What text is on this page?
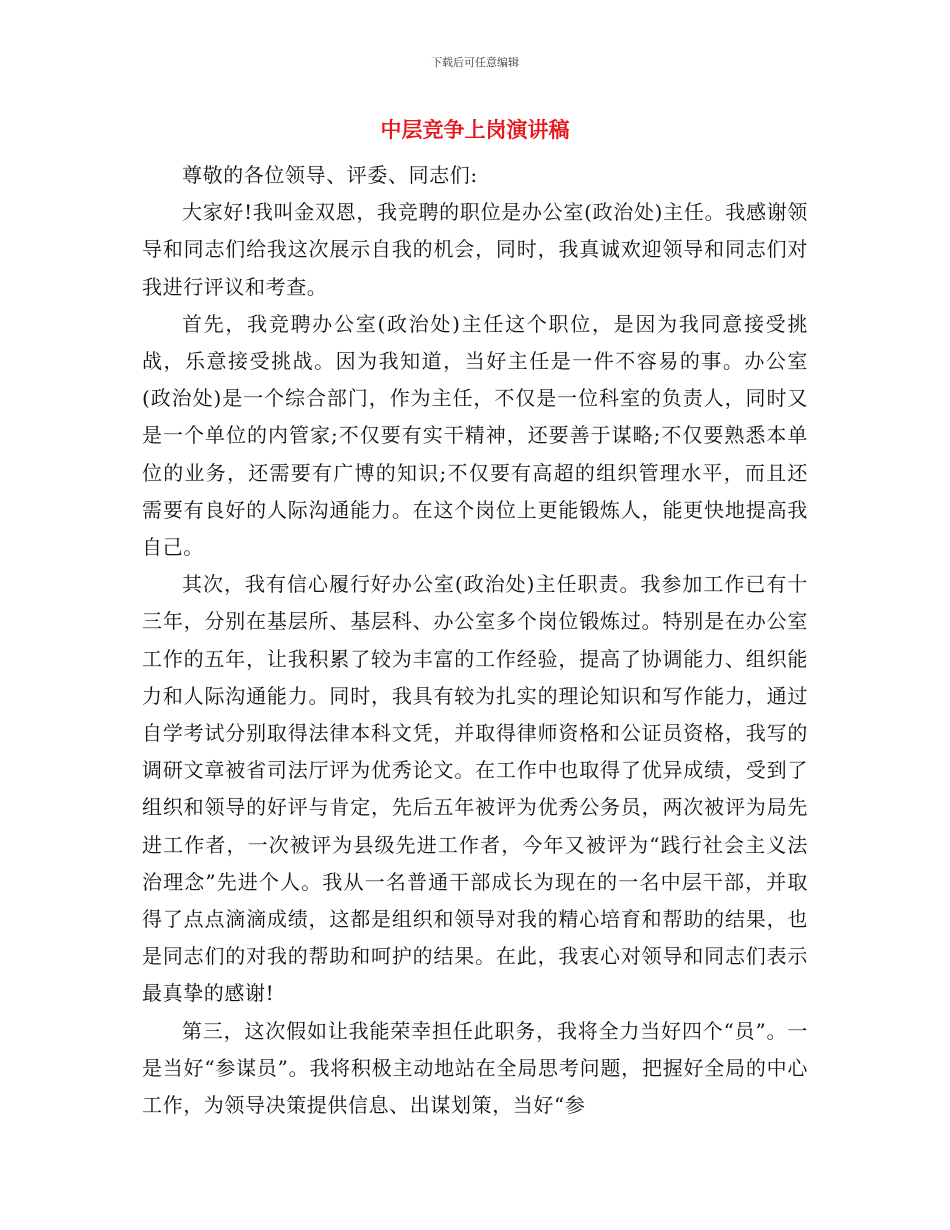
下载后可任意编辑
中层竞争上岗演讲稿

尊敬的各位领导、评委、同志们:

大家好!我叫金双恩，我竞聘的职位是办公室(政治处)主任。我感谢领导和同志们给我这次展示自我的机会，同时，我真诚欢迎领导和同志们对我进行评议和考查。

首先，我竞聘办公室(政治处)主任这个职位，是因为我同意接受挑战，乐意接受挑战。因为我知道，当好主任是一件不容易的事。办公室(政治处)是一个综合部门，作为主任，不仅是一位科室的负责人，同时又是一个单位的内管家;不仅要有实干精神，还要善于谋略;不仅要熟悉本单位的业务，还需要有广博的知识;不仅要有高超的组织管理水平，而且还需要有良好的人际沟通能力。在这个岗位上更能锻炼人，能更快地提高我自己。

其次，我有信心履行好办公室(政治处)主任职责。我参加工作已有十三年，分别在基层所、基层科、办公室多个岗位锻炼过。特别是在办公室工作的五年，让我积累了较为丰富的工作经验，提高了协调能力、组织能力和人际沟通能力。同时，我具有较为扎实的理论知识和写作能力，通过自学考试分别取得法律本科文凭，并取得律师资格和公证员资格，我写的调研文章被省司法厅评为优秀论文。在工作中也取得了优异成绩，受到了组织和领导的好评与肯定，先后五年被评为优秀公务员，两次被评为局先进工作者，一次被评为县级先进工作者，今年又被评为“践行社会主义法治理念”先进个人。我从一名普通干部成长为现在的一名中层干部，并取得了点点滴滴成绩，这都是组织和领导对我的精心培育和帮助的结果，也是同志们的对我的帮助和呵护的结果。在此，我衷心对领导和同志们表示最真挚的感谢!

第三，这次假如让我能荣幸担任此职务，我将全力当好四个“员”。一是当好“参谋员”。我将积极主动地站在全局思考问题，把握好全局的中心工作，为领导决策提供信息、出谋划策，当好“参
